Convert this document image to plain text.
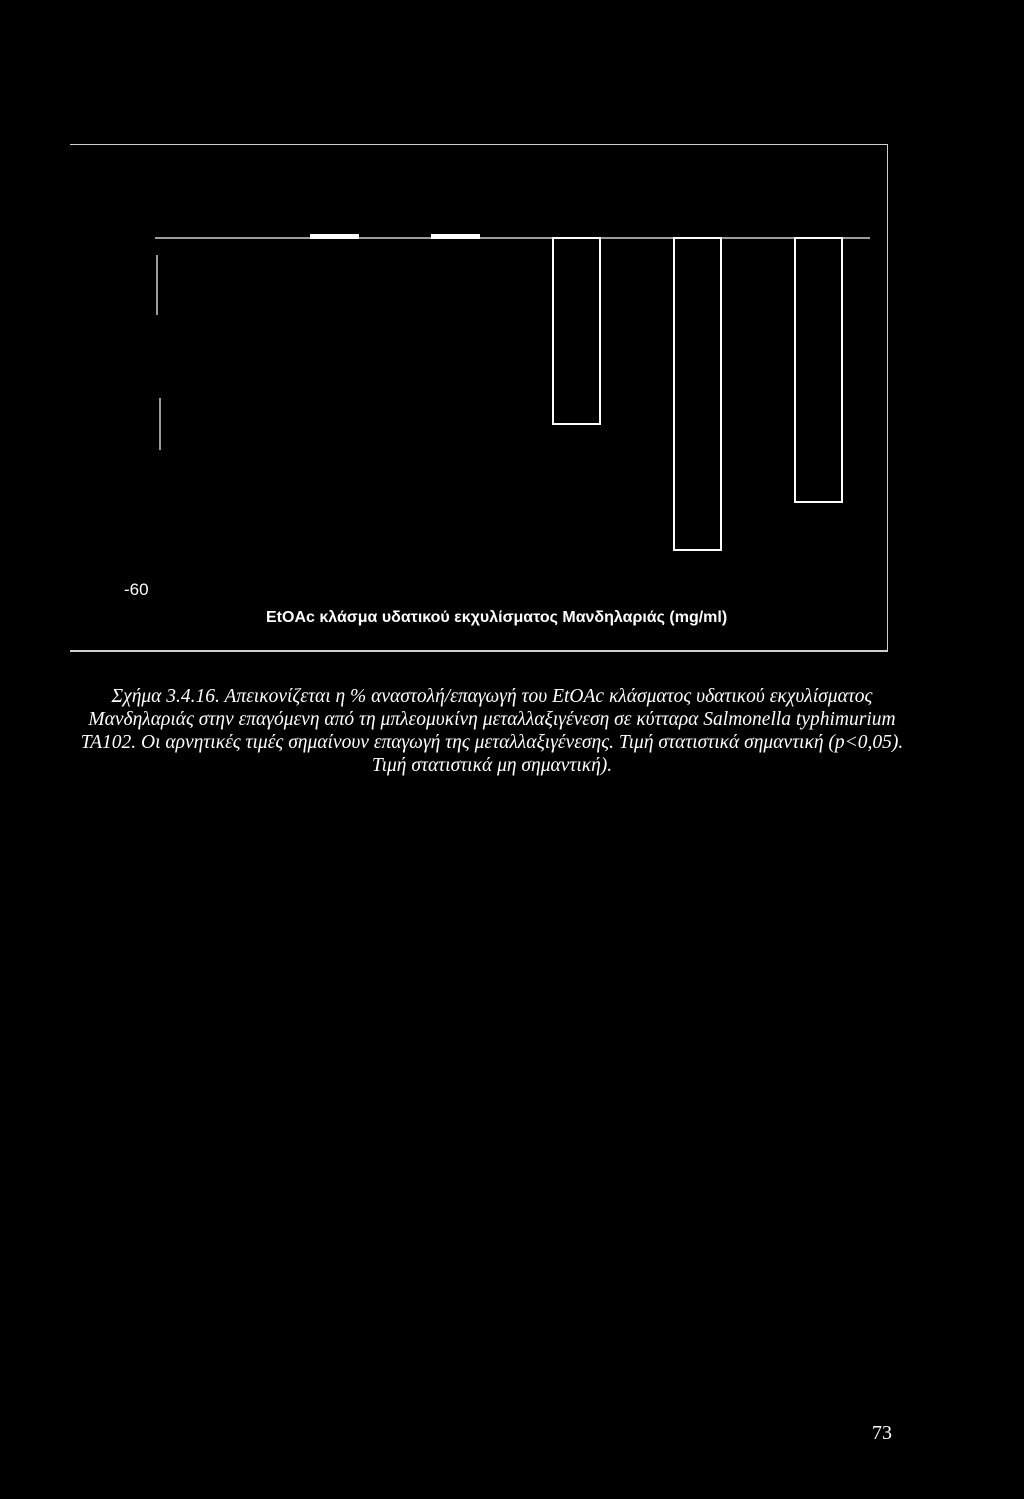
-60
EtOAc κλάσμα υδατικού εκχυλίσματος Μανδηλαριάς (mg/ml)
Σχήμα 3.4.16. Απεικονίζεται η % αναστολή/επαγωγή του EtOAc κλάσματος υδατικού εκχυλίσματος Μανδηλαριάς στην επαγόμενη από τη μπλεομυκίνη μεταλλαξιγένεση σε κύτταρα Salmonella typhimurium TA102. Οι αρνητικές τιμές σημαίνουν επαγωγή της μεταλλαξιγένεσης. Τιμή στατιστικά σημαντική (p<0,05). Τιμή στατιστικά μη σημαντική).
73
